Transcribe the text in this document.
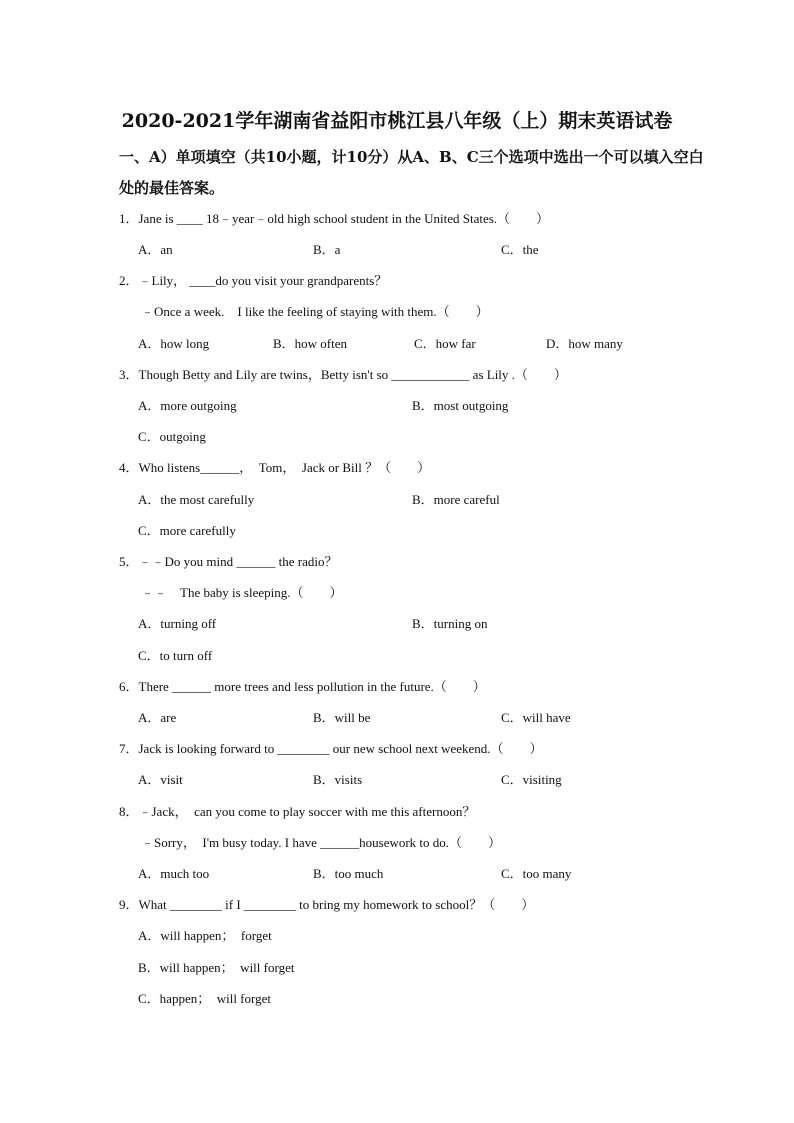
2020-2021学年湖南省益阳市桃江县八年级（上）期末英语试卷
一、A）单项填空（共10小题，计10分）从A、B、C三个选项中选出一个可以填入空白
处的最佳答案。
1．Jane is ____ 18﹣year﹣old high school student in the United States.（　　）
A．an	B．a	C．the
2．﹣Lily， ____do you visit your grandparents？
﹣Once a week.　I like the feeling of staying with them.（　　）
A．how long	B．how often	C．how far	D．how many
3．Though Betty and Lily are twins，Betty isn't so ____________ as Lily .（　　）
A．more outgoing	B．most outgoing
C．outgoing
4．Who listens______，　Tom，　Jack or Bill ？（　　）
A．the most carefully	B．more careful
C．more carefully
5．﹣﹣Do you mind ______ the radio？
﹣﹣　The baby is sleeping.（　　）
A．turning off	B．turning on
C．to turn off
6．There ______ more trees and less pollution in the future.（　　）
A．are	B．will be	C．will have
7．Jack is looking forward to ________ our new school next weekend.（　　）
A．visit	B．visits	C．visiting
8．﹣Jack，　can you come to play soccer with me this afternoon？
﹣Sorry，　I'm busy today. I have ______housework to do.（　　）
A．much too	B．too much	C．too many
9．What ________ if I ________ to bring my homework to school？（　　）
A．will happen；　forget
B．will happen；　will forget
C．happen；　will forget
